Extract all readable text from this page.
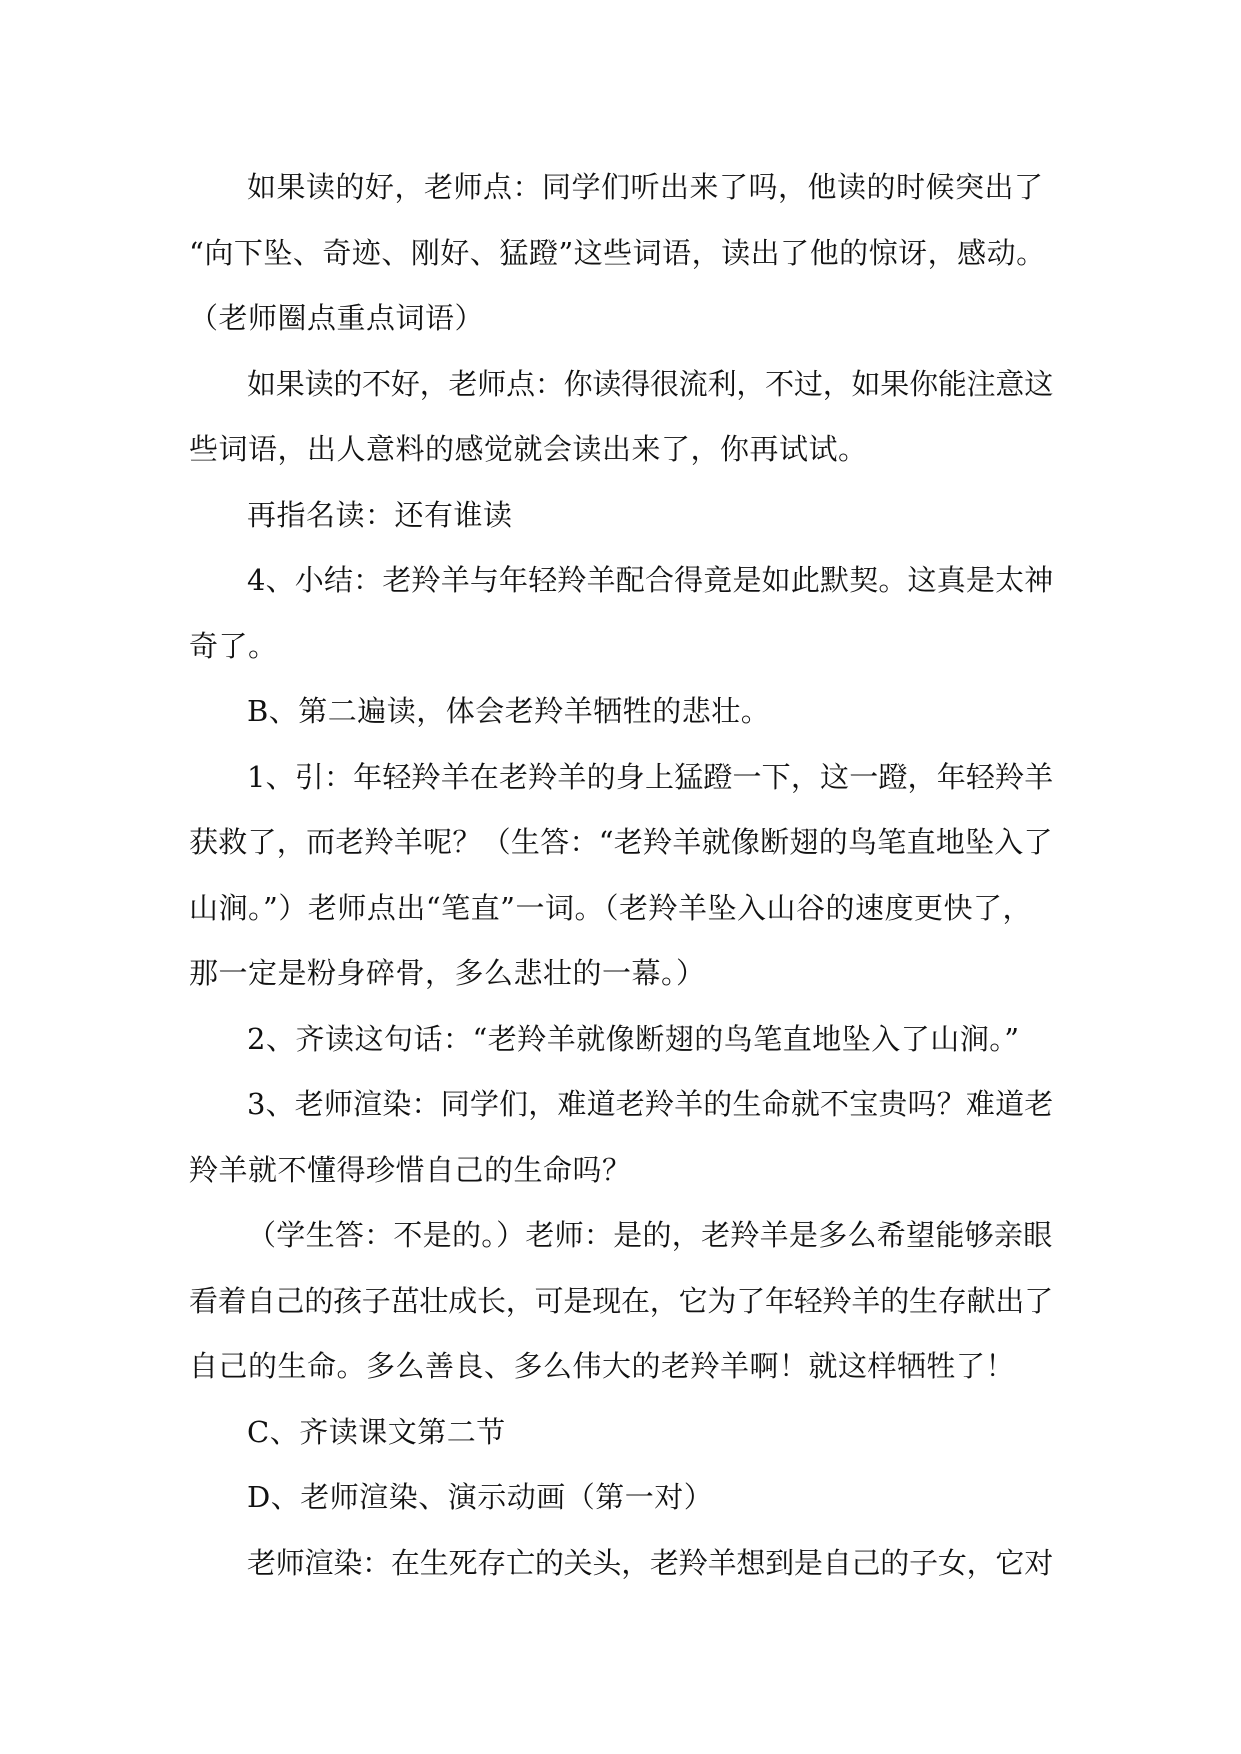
如果读的好，老师点：同学们听出来了吗，他读的时候突出了
“向下坠、奇迹、刚好、猛蹬”这些词语，读出了他的惊讶，感动。
（老师圈点重点词语）
如果读的不好，老师点：你读得很流利，不过，如果你能注意这
些词语，出人意料的感觉就会读出来了，你再试试。
再指名读：还有谁读
4、小结：老羚羊与年轻羚羊配合得竟是如此默契。这真是太神
奇了。
B、第二遍读，体会老羚羊牺牲的悲壮。
1、引：年轻羚羊在老羚羊的身上猛蹬一下，这一蹬，年轻羚羊
获救了，而老羚羊呢？（生答：“老羚羊就像断翅的鸟笔直地坠入了
山涧。”）老师点出“笔直”一词。（老羚羊坠入山谷的速度更快了，
那一定是粉身碎骨，多么悲壮的一幕。）
2、齐读这句话：“老羚羊就像断翅的鸟笔直地坠入了山涧。”
3、老师渲染：同学们，难道老羚羊的生命就不宝贵吗？难道老
羚羊就不懂得珍惜自己的生命吗？
（学生答：不是的。）老师：是的，老羚羊是多么希望能够亲眼
看着自己的孩子茁壮成长，可是现在，它为了年轻羚羊的生存献出了
自己的生命。多么善良、多么伟大的老羚羊啊！就这样牺牲了！
C、齐读课文第二节
D、老师渲染、演示动画（第一对）
老师渲染：在生死存亡的关头，老羚羊想到是自己的子女，它对
